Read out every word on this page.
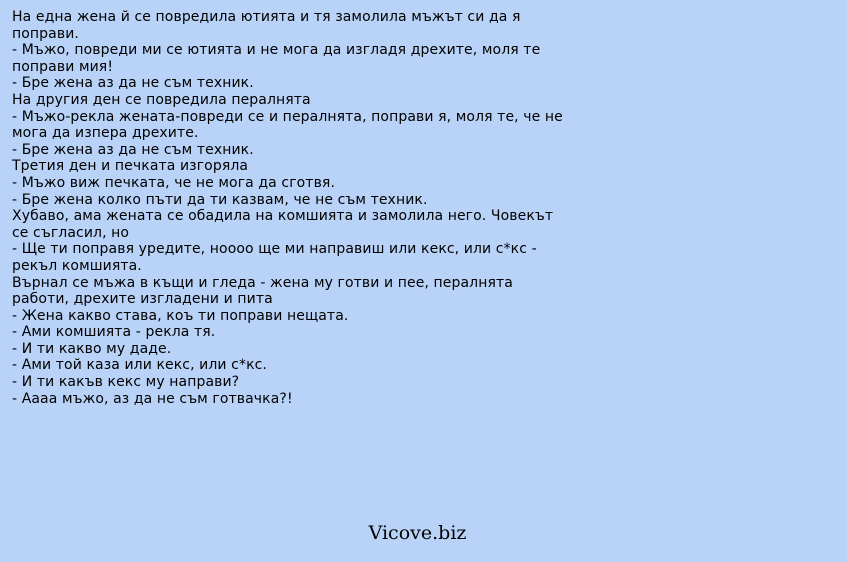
На една жена й се повредила ютията и тя замолила мъжът си да я поправи.
- Мъжо, повреди ми се ютията и не мога да изгладя дрехите, моля те поправи мия!
- Бре жена аз да не съм техник.
На другия ден се повредила пералнята
- Мъжо-рекла жената-повреди се и пералнята, поправи я, моля те, че не мога да изпера дрехите.
- Бре жена аз да не съм техник.
Третия ден и печката изгоряла
- Мъжо виж печката, че не мога да сготвя.
- Бре жена колко пъти да ти казвам, че не съм техник.
Хубаво, ама жената се обадила на комшията и замолила него. Човекът се съгласил, но
- Ще ти поправя уредите, нoooo ще ми направиш или кекс, или с*кс - рекъл комшията.
Върнал се мъжа в къщи и гледа - жена му готви и пее, пералнята работи, дрехите изгладени и пита
- Жена какво става, коъ ти поправи нещата.
- Ами комшията - рекла тя.
- И ти какво му даде.
- Ами той каза или кекс, или с*кс.
- И ти какъв кекс му направи?
- Аааа мъжо, аз да не съм готвачка?!
Vicove.biz
